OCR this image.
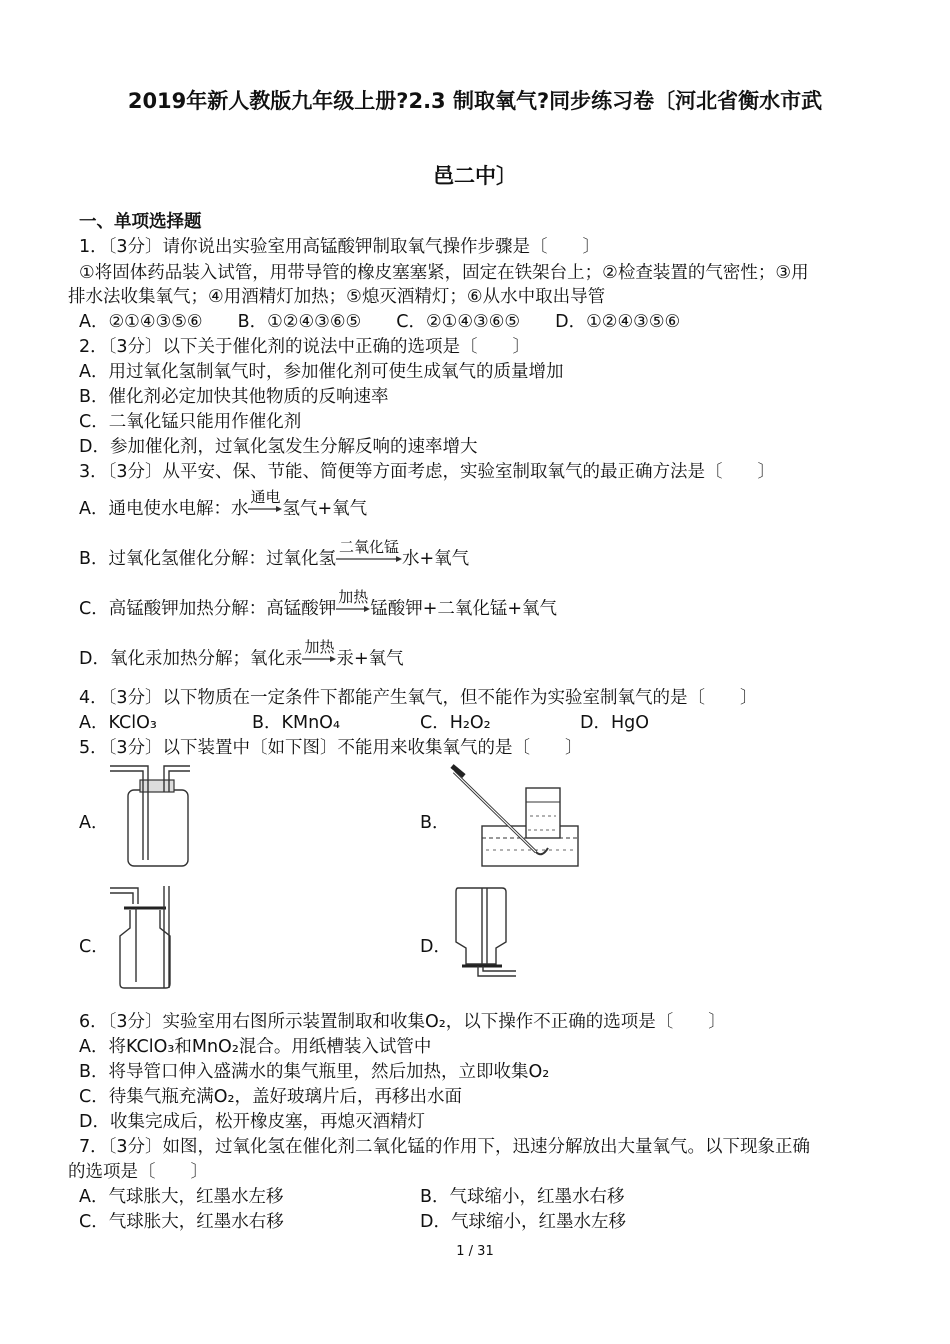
2019年新人教版九年级上册?2.3 制取氧气?同步练习卷〔河北省衡水市武
邑二中〕
一、单项选择题
1．〔3分〕请你说出实验室用高锰酸钾制取氧气操作步骤是〔　　〕
①将固体药品装入试管，用带导管的橡皮塞塞紧，固定在铁架台上；②检查装置的气密性；③用
排水法收集氧气；④用酒精灯加热；⑤熄灭酒精灯；⑥从水中取出导管
A．②①④③⑤⑥　　B．①②④③⑥⑤　　C．②①④③⑥⑤　　D．①②④③⑤⑥
2．〔3分〕以下关于催化剂的说法中正确的选项是〔　　〕
A．用过氧化氢制氧气时，参加催化剂可使生成氧气的质量增加
B．催化剂必定加快其他物质的反响速率
C．二氧化锰只能用作催化剂
D．参加催化剂，过氧化氢发生分解反响的速率增大
3．〔3分〕从平安、保、节能、简便等方面考虑，实验室制取氧气的最正确方法是〔　　〕
A．通电使水电解：水
通电
氢气+氧气
B．过氧化氢催化分解：过氧化氢
二氧化锰
水+氧气
C．高锰酸钾加热分解：高锰酸钾
加热
锰酸钾+二氧化锰+氧气
D．氧化汞加热分解；氧化汞
加热
汞+氧气
4．〔3分〕以下物质在一定条件下都能产生氧气，但不能作为实验室制氧气的是〔　　〕
A．KClO₃	B．KMnO₄	C．H₂O₂	D．HgO
5．〔3分〕以下装置中〔如下图〕不能用来收集氧气的是〔　　〕
A．	B．
C．	D．
6．〔3分〕实验室用右图所示装置制取和收集O₂，以下操作不正确的选项是〔　　〕
A．将KClO₃和MnO₂混合。用纸槽装入试管中
B．将导管口伸入盛满水的集气瓶里，然后加热，立即收集O₂
C．待集气瓶充满O₂，盖好玻璃片后，再移出水面
D．收集完成后，松开橡皮塞，再熄灭酒精灯
7．〔3分〕如图，过氧化氢在催化剂二氧化锰的作用下，迅速分解放出大量氧气。以下现象正确
的选项是〔　　〕
A．气球胀大，红墨水左移	B．气球缩小，红墨水右移
C．气球胀大，红墨水右移	D．气球缩小，红墨水左移
1 / 31
